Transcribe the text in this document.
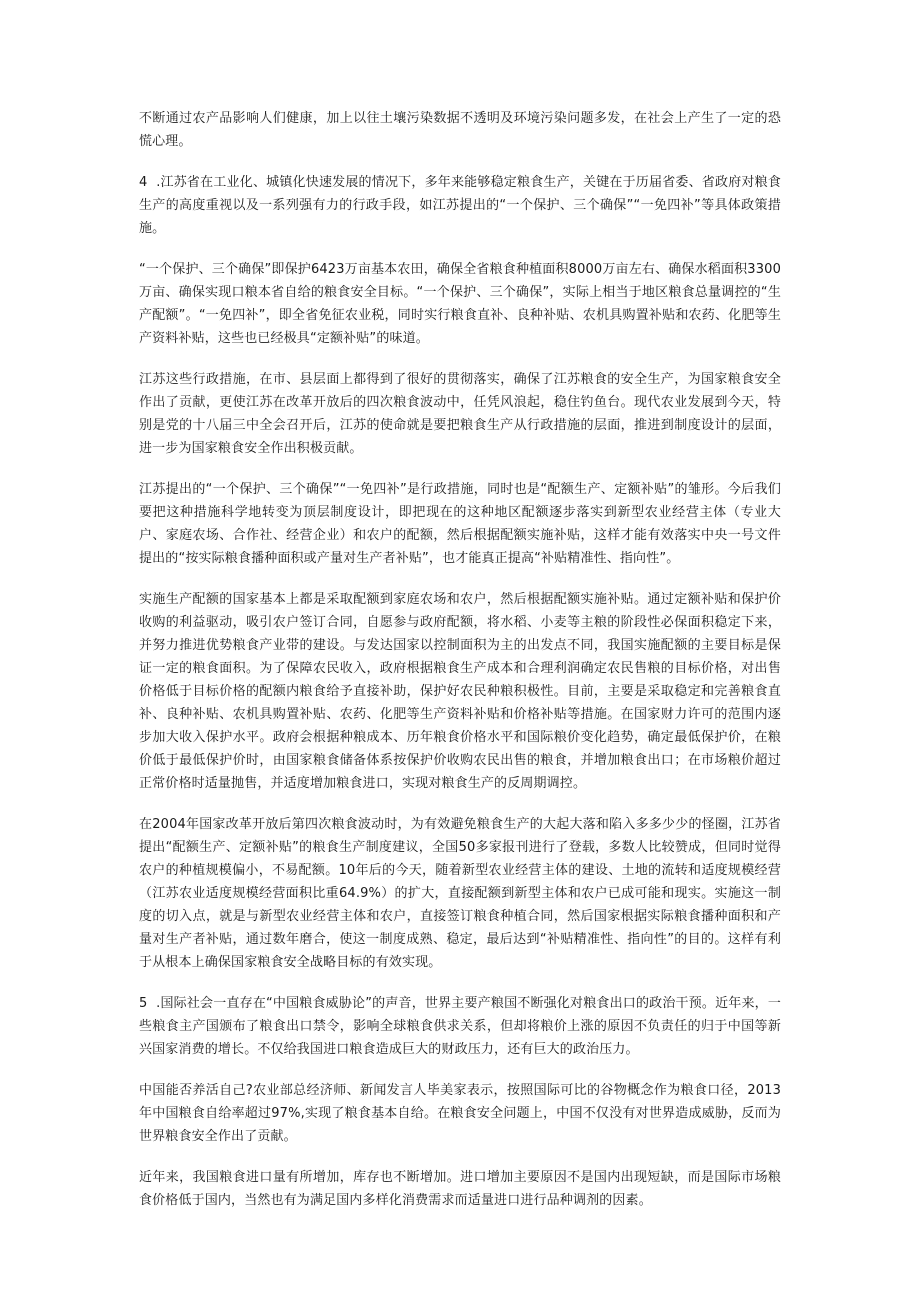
不断通过农产品影响人们健康，加上以往土壤污染数据不透明及环境污染问题多发，在社会上产生了一定的恐慌心理。

4	.江苏省在工业化、城镇化快速发展的情况下，多年来能够稳定粮食生产，关键在于历届省委、省政府对粮食生产的高度重视以及一系列强有力的行政手段，如江苏提出的“一个保护、三个确保”“一免四补”等具体政策措施。

“一个保护、三个确保”即保护6423万亩基本农田，确保全省粮食种植面积8000万亩左右、确保水稻面积3300万亩、确保实现口粮本省自给的粮食安全目标。“一个保护、三个确保”，实际上相当于地区粮食总量调控的“生产配额”。“一免四补”，即全省免征农业税，同时实行粮食直补、良种补贴、农机具购置补贴和农药、化肥等生产资料补贴，这些也已经极具“定额补贴”的味道。

江苏这些行政措施，在市、县层面上都得到了很好的贯彻落实，确保了江苏粮食的安全生产，为国家粮食安全作出了贡献，更使江苏在改革开放后的四次粮食波动中，任凭风浪起，稳住钓鱼台。现代农业发展到今天，特别是党的十八届三中全会召开后，江苏的使命就是要把粮食生产从行政措施的层面，推进到制度设计的层面，进一步为国家粮食安全作出积极贡献。

江苏提出的“一个保护、三个确保”“一免四补”是行政措施，同时也是“配额生产、定额补贴”的雏形。今后我们要把这种措施科学地转变为顶层制度设计，即把现在的这种地区配额逐步落实到新型农业经营主体（专业大户、家庭农场、合作社、经营企业）和农户的配额，然后根据配额实施补贴，这样才能有效落实中央一号文件提出的“按实际粮食播种面积或产量对生产者补贴”，也才能真正提高“补贴精准性、指向性”。

实施生产配额的国家基本上都是采取配额到家庭农场和农户，然后根据配额实施补贴。通过定额补贴和保护价收购的利益驱动，吸引农户签订合同，自愿参与政府配额，将水稻、小麦等主粮的阶段性必保面积稳定下来，并努力推进优势粮食产业带的建设。与发达国家以控制面积为主的出发点不同，我国实施配额的主要目标是保证一定的粮食面积。为了保障农民收入，政府根据粮食生产成本和合理利润确定农民售粮的目标价格，对出售价格低于目标价格的配额内粮食给予直接补助，保护好农民种粮积极性。目前，主要是采取稳定和完善粮食直补、良种补贴、农机具购置补贴、农药、化肥等生产资料补贴和价格补贴等措施。在国家财力许可的范围内逐步加大收入保护水平。政府会根据种粮成本、历年粮食价格水平和国际粮价变化趋势，确定最低保护价，在粮价低于最低保护价时，由国家粮食储备体系按保护价收购农民出售的粮食，并增加粮食出口；在市场粮价超过正常价格时适量抛售，并适度增加粮食进口，实现对粮食生产的反周期调控。

在2004年国家改革开放后第四次粮食波动时，为有效避免粮食生产的大起大落和陷入多多少少的怪圈，江苏省提出“配额生产、定额补贴”的粮食生产制度建议，全国50多家报刊进行了登载，多数人比较赞成，但同时觉得农户的种植规模偏小，不易配额。10年后的今天，随着新型农业经营主体的建设、土地的流转和适度规模经营（江苏农业适度规模经营面积比重64.9%）的扩大，直接配额到新型主体和农户已成可能和现实。实施这一制度的切入点，就是与新型农业经营主体和农户，直接签订粮食种植合同，然后国家根据实际粮食播种面积和产量对生产者补贴，通过数年磨合，使这一制度成熟、稳定，最后达到“补贴精准性、指向性”的目的。这样有利于从根本上确保国家粮食安全战略目标的有效实现。

5	.国际社会一直存在“中国粮食威胁论”的声音，世界主要产粮国不断强化对粮食出口的政治干预。近年来，一些粮食主产国颁布了粮食出口禁令，影响全球粮食供求关系，但却将粮价上涨的原因不负责任的归于中国等新兴国家消费的增长。不仅给我国进口粮食造成巨大的财政压力，还有巨大的政治压力。

中国能否养活自己?农业部总经济师、新闻发言人毕美家表示，按照国际可比的谷物概念作为粮食口径，2013年中国粮食自给率超过97%,实现了粮食基本自给。在粮食安全问题上，中国不仅没有对世界造成威胁，反而为世界粮食安全作出了贡献。

近年来，我国粮食进口量有所增加，库存也不断增加。进口增加主要原因不是国内出现短缺，而是国际市场粮食价格低于国内，当然也有为满足国内多样化消费需求而适量进口进行品种调剂的因素。
